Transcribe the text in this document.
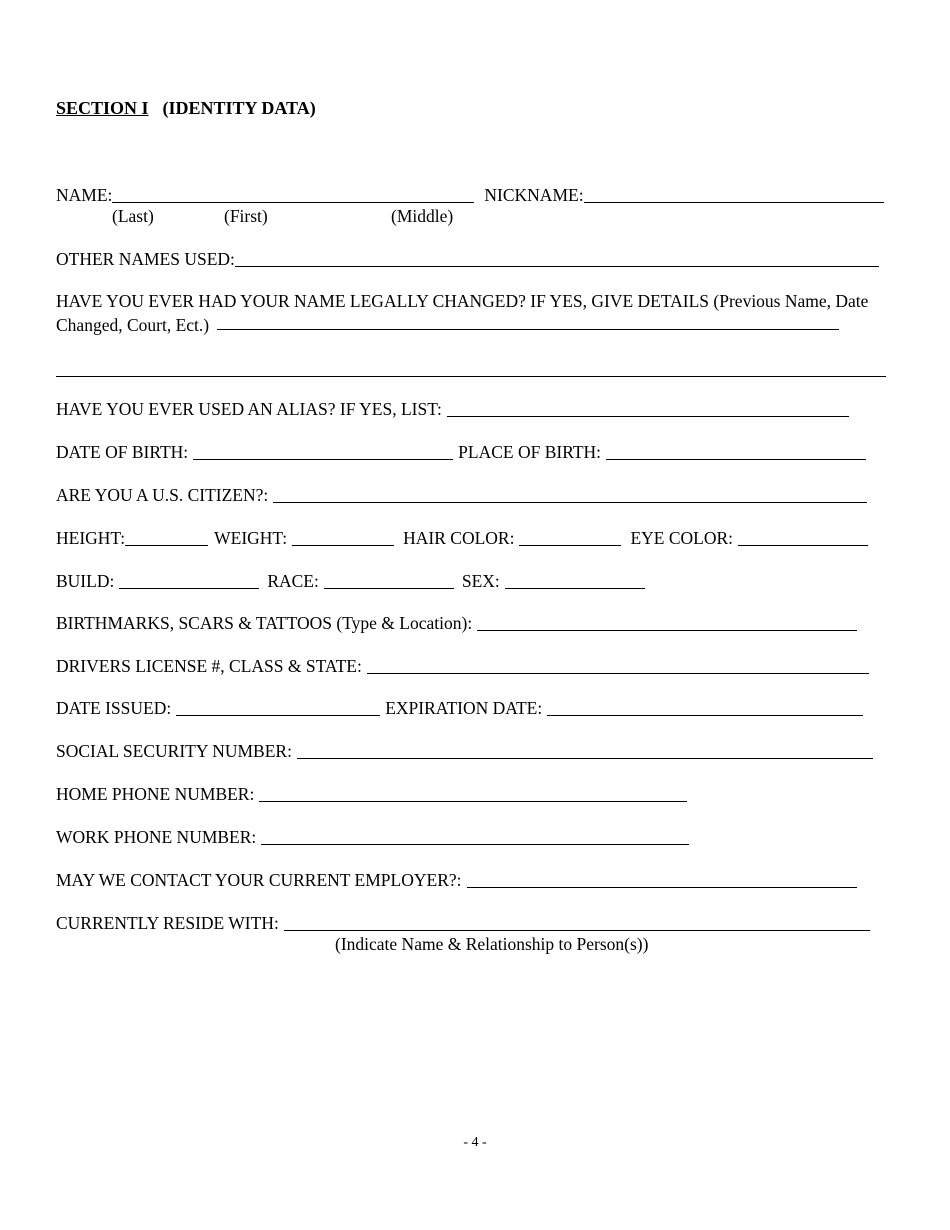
SECTION I (IDENTITY DATA)
NAME:	NICKNAME:
(Last)	(First)	(Middle)
OTHER NAMES USED:
HAVE YOU EVER HAD YOUR NAME LEGALLY CHANGED? IF YES, GIVE DETAILS (Previous Name, Date Changed, Court, Ect.)
HAVE YOU EVER USED AN ALIAS? IF YES, LIST:
DATE OF BIRTH:	PLACE OF BIRTH:
ARE YOU A U.S. CITIZEN?:
HEIGHT:	WEIGHT:	HAIR COLOR:	EYE COLOR:
BUILD:	RACE:	SEX:
BIRTHMARKS, SCARS & TATTOOS (Type & Location):
DRIVERS LICENSE #, CLASS & STATE:
DATE ISSUED:	EXPIRATION DATE:
SOCIAL SECURITY NUMBER:
HOME PHONE NUMBER:
WORK PHONE NUMBER:
MAY WE CONTACT YOUR CURRENT EMPLOYER?:
CURRENTLY RESIDE WITH:
(Indicate Name & Relationship to Person(s))
- 4 -
